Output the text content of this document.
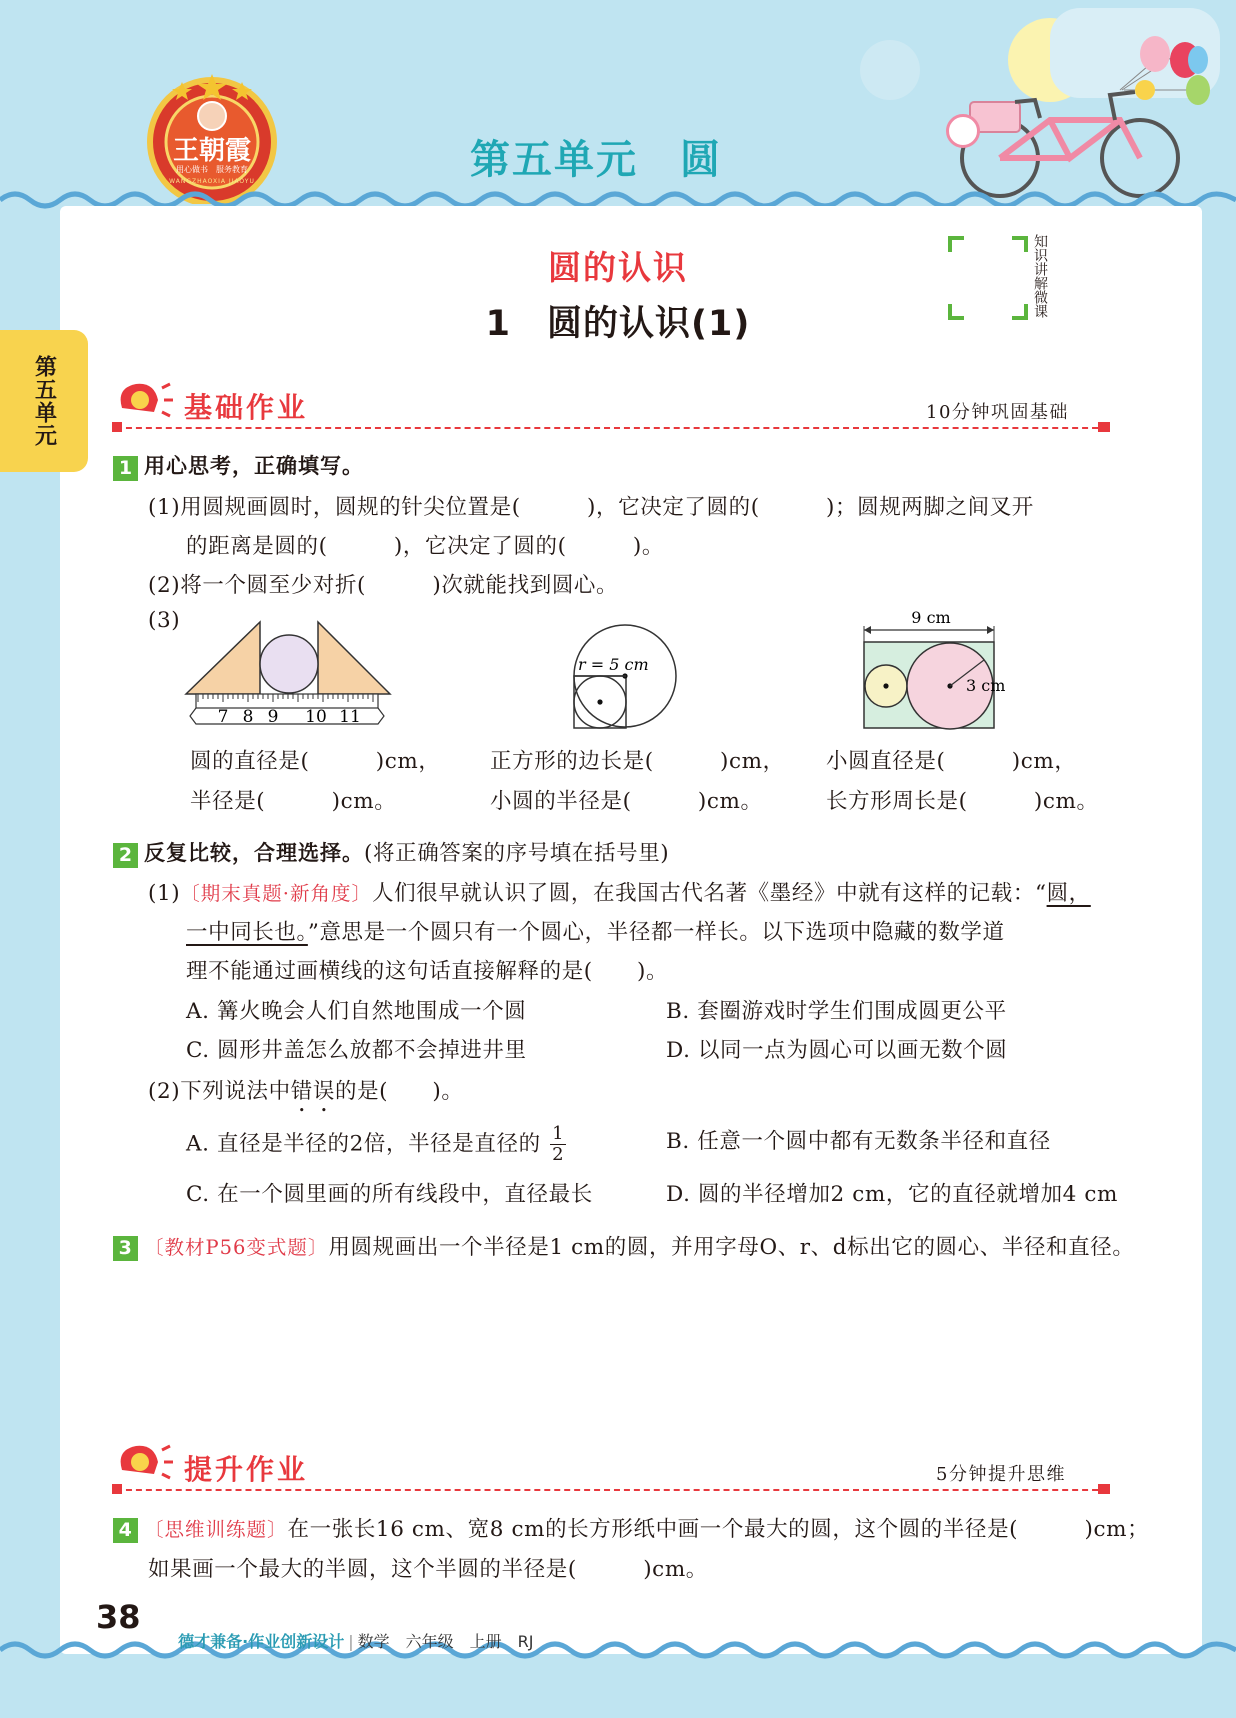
王朝霞
用心做书　服务教育
WANGZHAOXIA JIAOYU	第五单元　圆
第五单元
圆的认识
1　圆的认识(1)
知识讲解微课
基础作业	10分钟巩固基础
1 用心思考，正确填写。
(1)用圆规画圆时，圆规的针尖位置是(　　　)，它决定了圆的(　　　)；圆规两脚之间叉开
的距离是圆的(　　　)，它决定了圆的(　　　)。
(2)将一个圆至少对折(　　　)次就能找到圆心。
(3)
7 8 9 10 11
圆的直径是(　　　)cm，
半径是(　　　)cm。
r = 5 cm
正方形的边长是(　　　)cm，
小圆的半径是(　　　)cm。
9 cm
3 cm
小圆直径是(　　　)cm，
长方形周长是(　　　)cm。
2 反复比较，合理选择。(将正确答案的序号填在括号里)
(1)〔期末真题·新角度〕人们很早就认识了圆，在我国古代名著《墨经》中就有这样的记载：“圆，
一中同长也。”意思是一个圆只有一个圆心，半径都一样长。以下选项中隐藏的数学道
理不能通过画横线的这句话直接解释的是(　　)。
A. 篝火晚会人们自然地围成一个圆	B. 套圈游戏时学生们围成圆更公平
C. 圆形井盖怎么放都不会掉进井里	D. 以同一点为圆心可以画无数个圆
(2)下列说法中错误的是(　　)。
A. 直径是半径的2倍，半径是直径的 $\frac{1}{2}$	B. 任意一个圆中都有无数条半径和直径
C. 在一个圆里画的所有线段中，直径最长	D. 圆的半径增加2 cm，它的直径就增加4 cm
3 〔教材P56变式题〕用圆规画出一个半径是1 cm的圆，并用字母O、r、d标出它的圆心、半径和直径。
提升作业	5分钟提升思维
4 〔思维训练题〕在一张长16 cm、宽8 cm的长方形纸中画一个最大的圆，这个圆的半径是(　　　)cm；
如果画一个最大的半圆，这个半圆的半径是(　　　)cm。
38

德才兼备·作业创新设计 | 数学　六年级　上册　RJ
